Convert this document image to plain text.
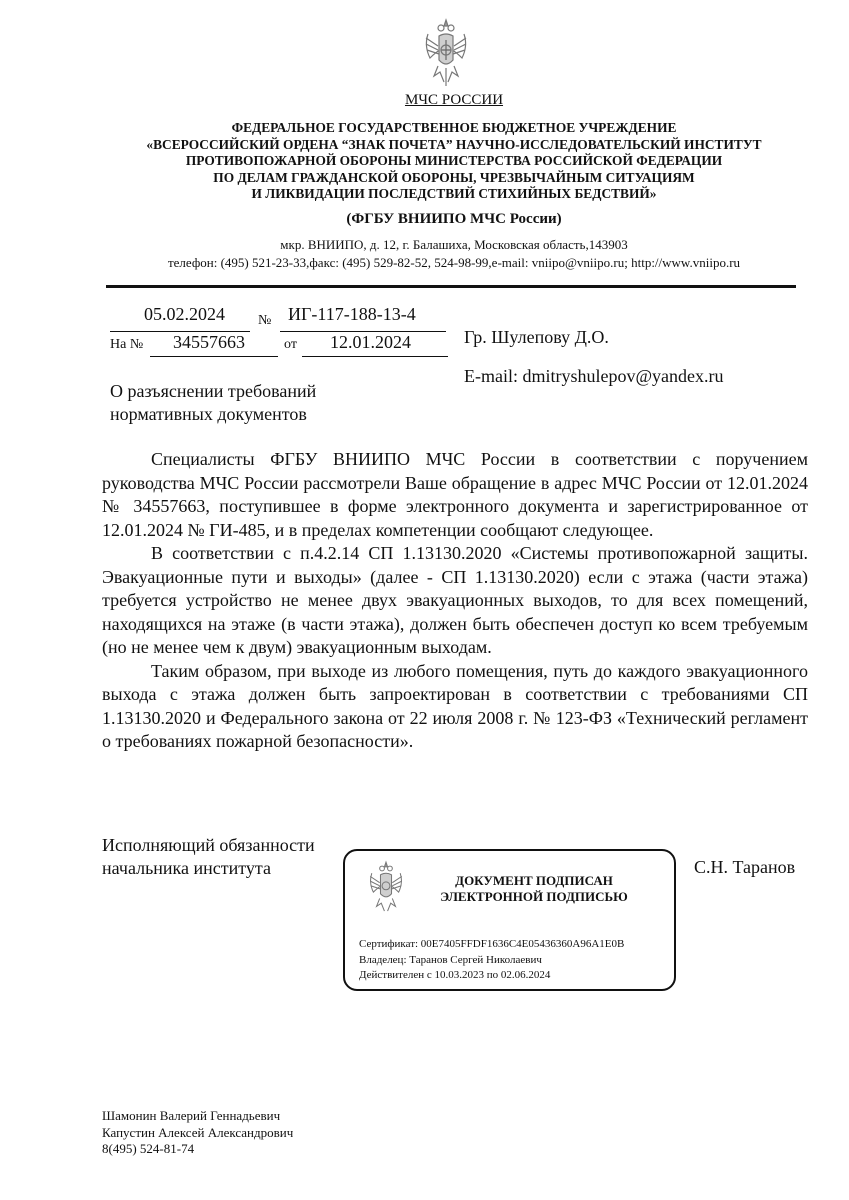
МЧС РОССИИ
ФЕДЕРАЛЬНОЕ ГОСУДАРСТВЕННОЕ БЮДЖЕТНОЕ УЧРЕЖДЕНИЕ
«ВСЕРОССИЙСКИЙ ОРДЕНА “ЗНАК ПОЧЕТА” НАУЧНО-ИССЛЕДОВАТЕЛЬСКИЙ ИНСТИТУТ
ПРОТИВОПОЖАРНОЙ ОБОРОНЫ МИНИСТЕРСТВА РОССИЙСКОЙ ФЕДЕРАЦИИ
ПО ДЕЛАМ ГРАЖДАНСКОЙ ОБОРОНЫ, ЧРЕЗВЫЧАЙНЫМ СИТУАЦИЯМ
И ЛИКВИДАЦИИ ПОСЛЕДСТВИЙ СТИХИЙНЫХ БЕДСТВИЙ»
(ФГБУ ВНИИПО МЧС России)
мкр. ВНИИПО, д. 12, г. Балашиха, Московская область,143903
телефон: (495) 521-23-33,факс: (495) 529-82-52, 524-98-99,e-mail: vniipo@vniipo.ru; http://www.vniipo.ru
05.02.2024 № ИГ-117-188-13-4
На № 34557663	от 12.01.2024
О разъяснении требований
нормативных документов
Гр. Шулепову Д.О.
E-mail: dmitryshulepov@yandex.ru

Специалисты ФГБУ ВНИИПО МЧС России в соответствии с поручением руководства МЧС России рассмотрели Ваше обращение в адрес МЧС России от 12.01.2024 № 34557663, поступившее в форме электронного документа и зарегистрированное от 12.01.2024 № ГИ-485, и в пределах компетенции сообщают следующее.

В соответствии с п.4.2.14 СП 1.13130.2020 «Системы противопожарной защиты. Эвакуационные пути и выходы» (далее - СП 1.13130.2020) если с этажа (части этажа) требуется устройство не менее двух эвакуационных выходов, то для всех помещений, находящихся на этаже (в части этажа), должен быть обеспечен доступ ко всем требуемым (но не менее чем к двум) эвакуационным выходам.

Таким образом, при выходе из любого помещения, путь до каждого эвакуационного выхода с этажа должен быть запроектирован в соответствии с требованиями СП 1.13130.2020 и Федерального закона от 22 июля 2008 г. № 123-ФЗ «Технический регламент о требованиях пожарной безопасности».

Исполняющий обязанности
начальника института
ДОКУМЕНТ ПОДПИСАН
ЭЛЕКТРОННОЙ ПОДПИСЬЮ
Сертификат: 00E7405FFDF1636C4E05436360A96A1E0B
Владелец: Таранов Сергей Николаевич
Действителен с 10.03.2023 по 02.06.2024
С.Н. Таранов
Шамонин Валерий Геннадьевич
Капустин Алексей Александрович
8(495) 524-81-74
